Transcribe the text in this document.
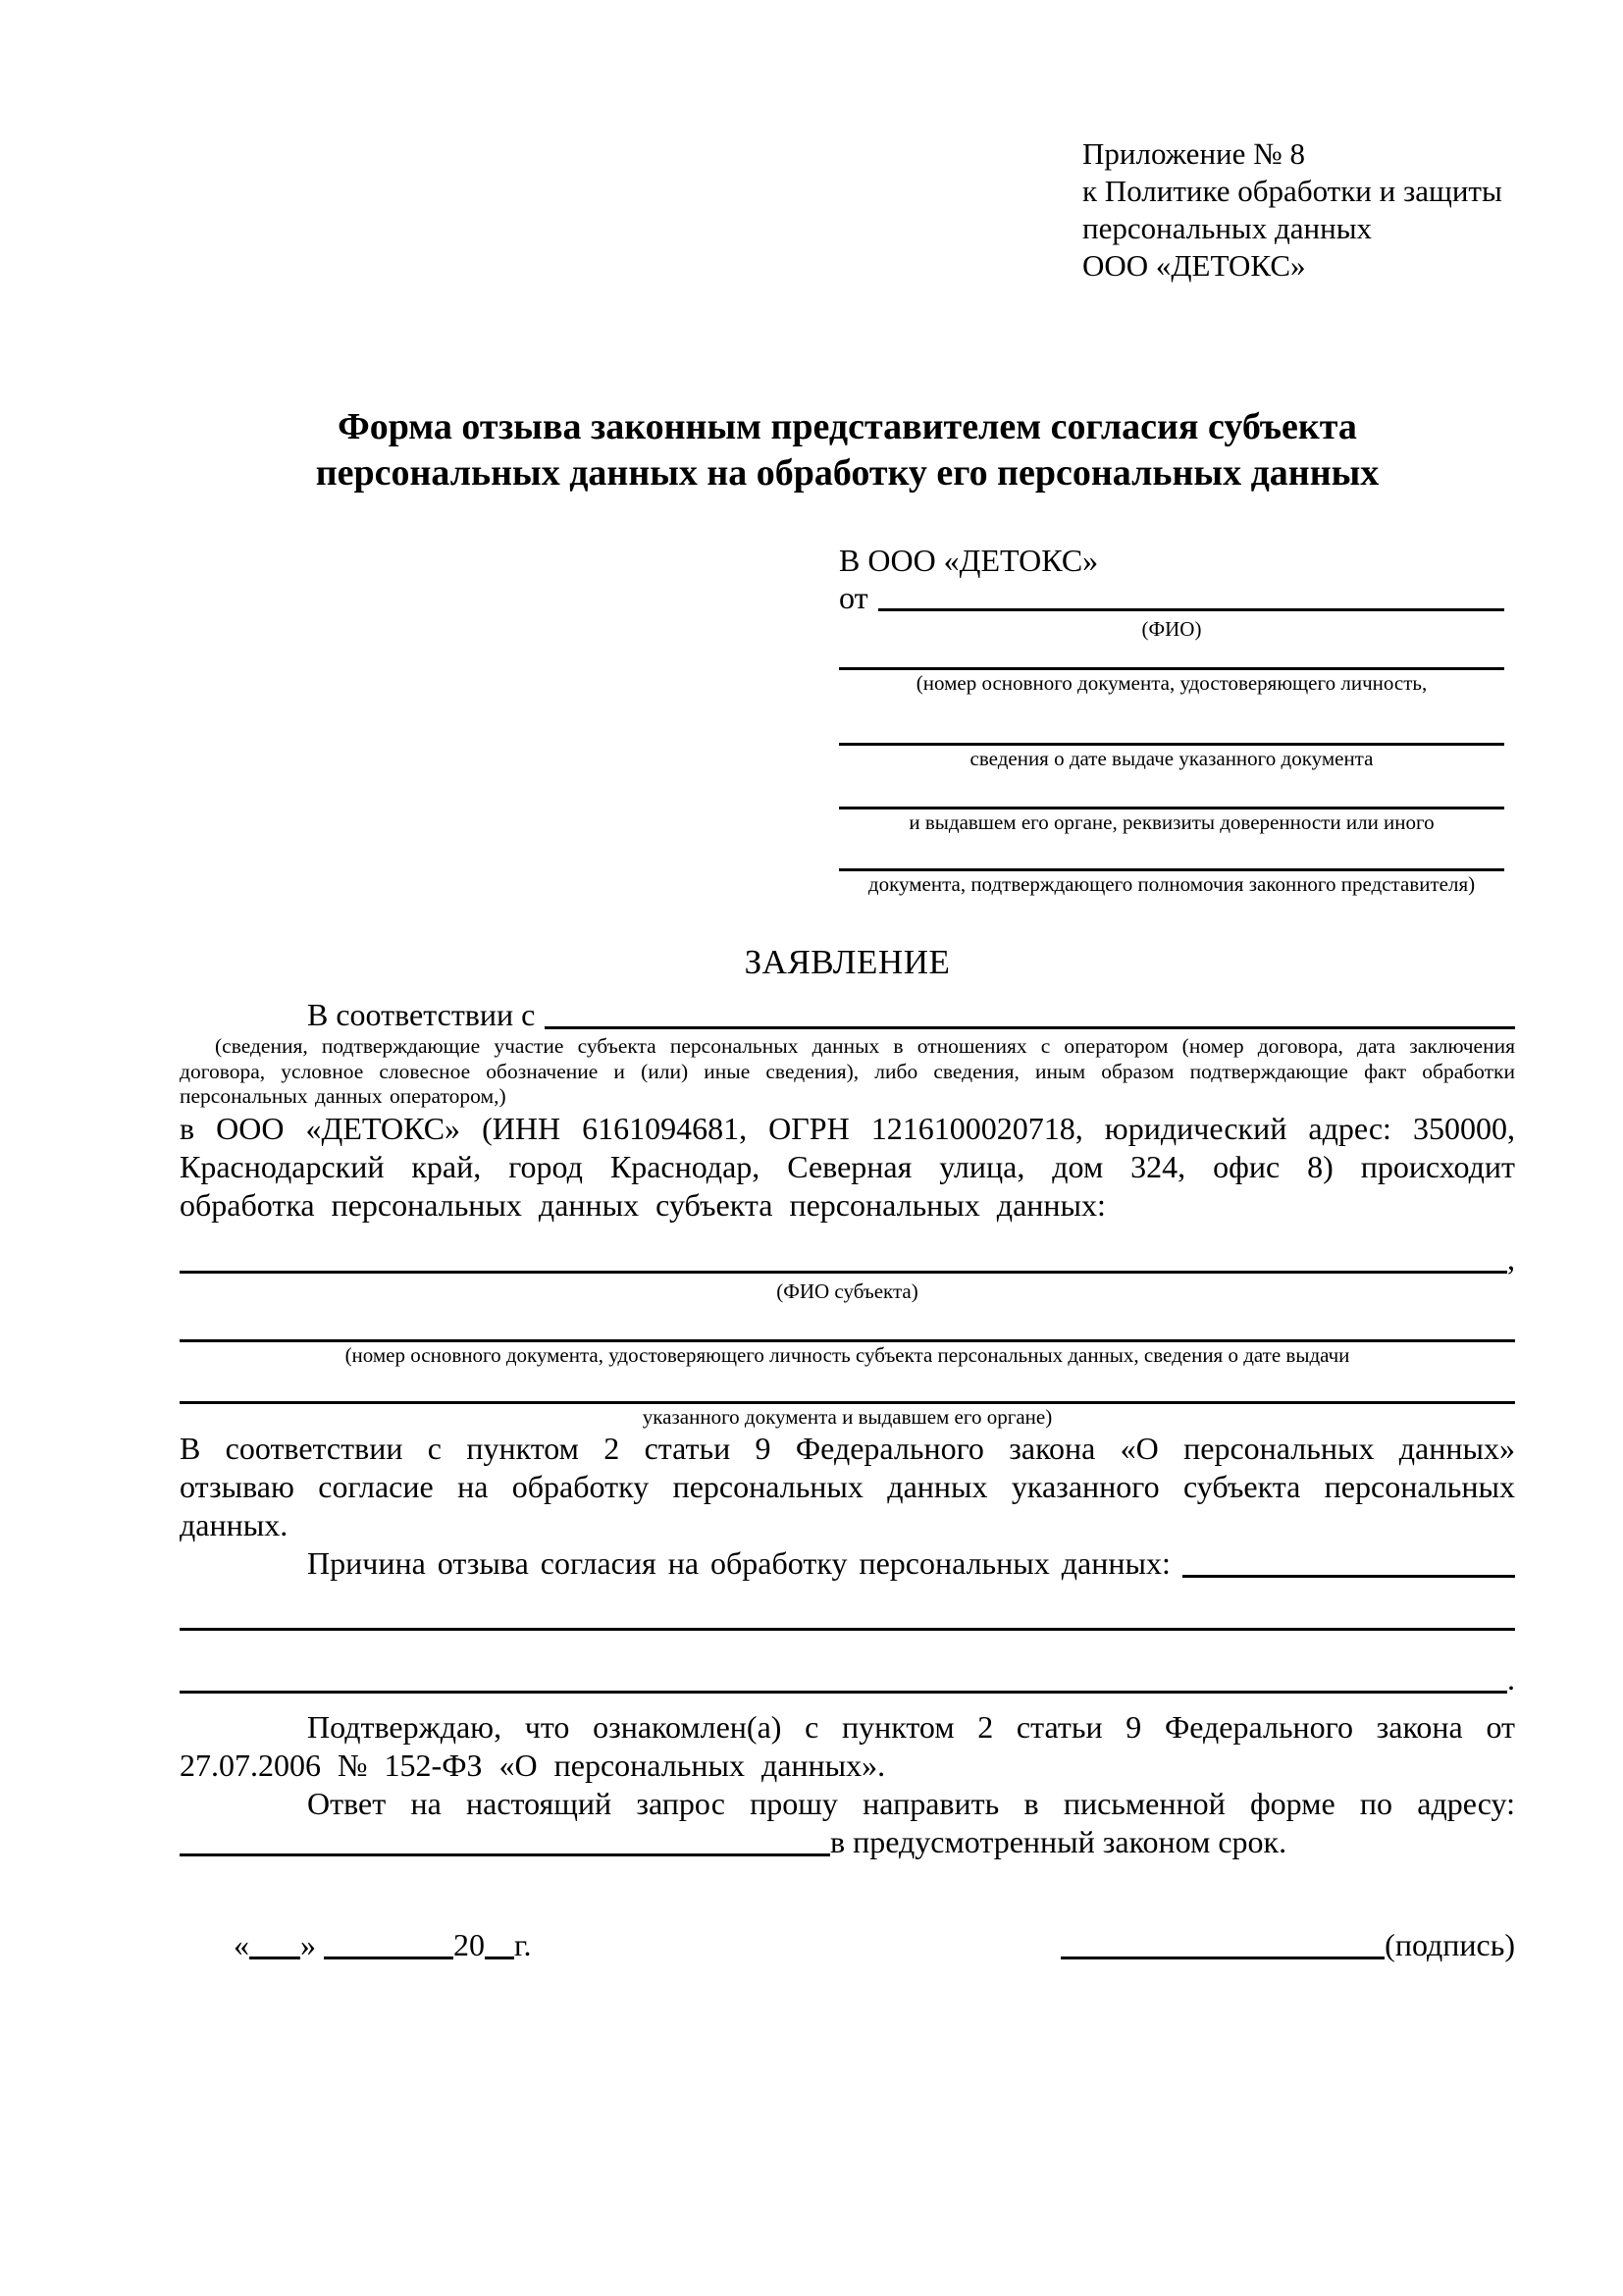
Приложение № 8
к Политике обработки и защиты
персональных данных
ООО «ДЕТОКС»
Форма отзыва законным представителем согласия субъекта персональных данных на обработку его персональных данных
В ООО «ДЕТОКС»
от
(ФИО)
(номер основного документа, удостоверяющего личность,
сведения о дате выдаче указанного документа
и выдавшем его органе, реквизиты доверенности или иного
документа, подтверждающего полномочия законного представителя)
ЗАЯВЛЕНИЕ
В соответствии с
(сведения, подтверждающие участие субъекта персональных данных в отношениях с оператором (номер договора, дата заключения договора, условное словесное обозначение и (или) иные сведения), либо сведения, иным образом подтверждающие факт обработки персональных данных оператором,)
в ООО «ДЕТОКС» (ИНН 6161094681, ОГРН 1216100020718, юридический адрес: 350000, Краснодарский край, город Краснодар, Северная улица, дом 324, офис 8) происходит обработка персональных данных субъекта персональных данных:
,
(ФИО субъекта)
(номер основного документа, удостоверяющего личность субъекта персональных данных, сведения о дате выдачи
указанного документа и выдавшем его органе)
В соответствии с пунктом 2 статьи 9 Федерального закона «О персональных данных» отзываю согласие на обработку персональных данных указанного субъекта персональных данных.
Причина отзыва согласия на обработку персональных данных:
.
Подтверждаю, что ознакомлен(а) с пунктом 2 статьи 9 Федерального закона от 27.07.2006 № 152-ФЗ «О персональных данных».
Ответ на настоящий запрос прошу направить в письменной форме по адресу:
в предусмотренный законом срок.
« »	20 г.	(подпись)
